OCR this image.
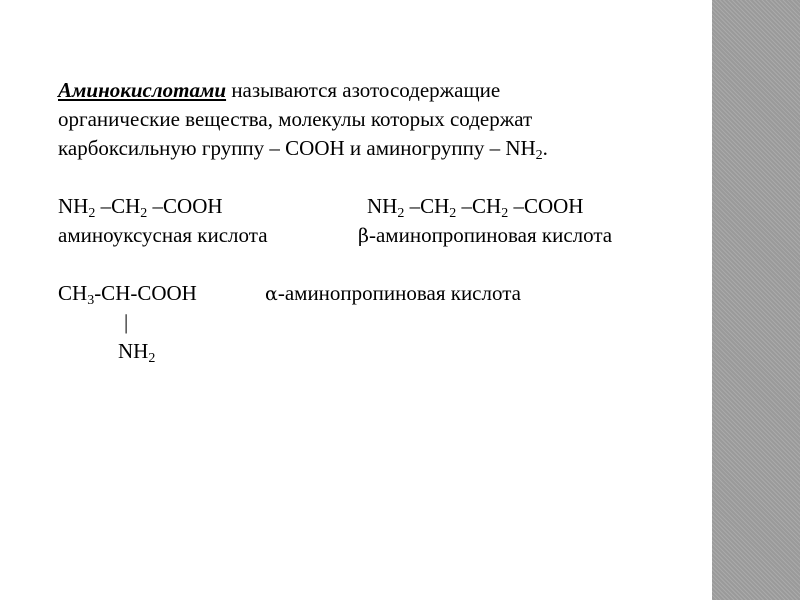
Аминокислотами называются азотосодержащие
органические вещества, молекулы которых содержат
карбоксильную группу – COOH и аминогруппу – $NH_2$.

$NH_2$ $-CH_2$ –COOH	$NH_2$ $-CH_2$ $-CH_2$ –COOH
аминоуксусная кислота	β-аминопропиновая кислота
$CH_3-CH$-COOH	α-аминопропиновая кислота
|
$NH_2$
